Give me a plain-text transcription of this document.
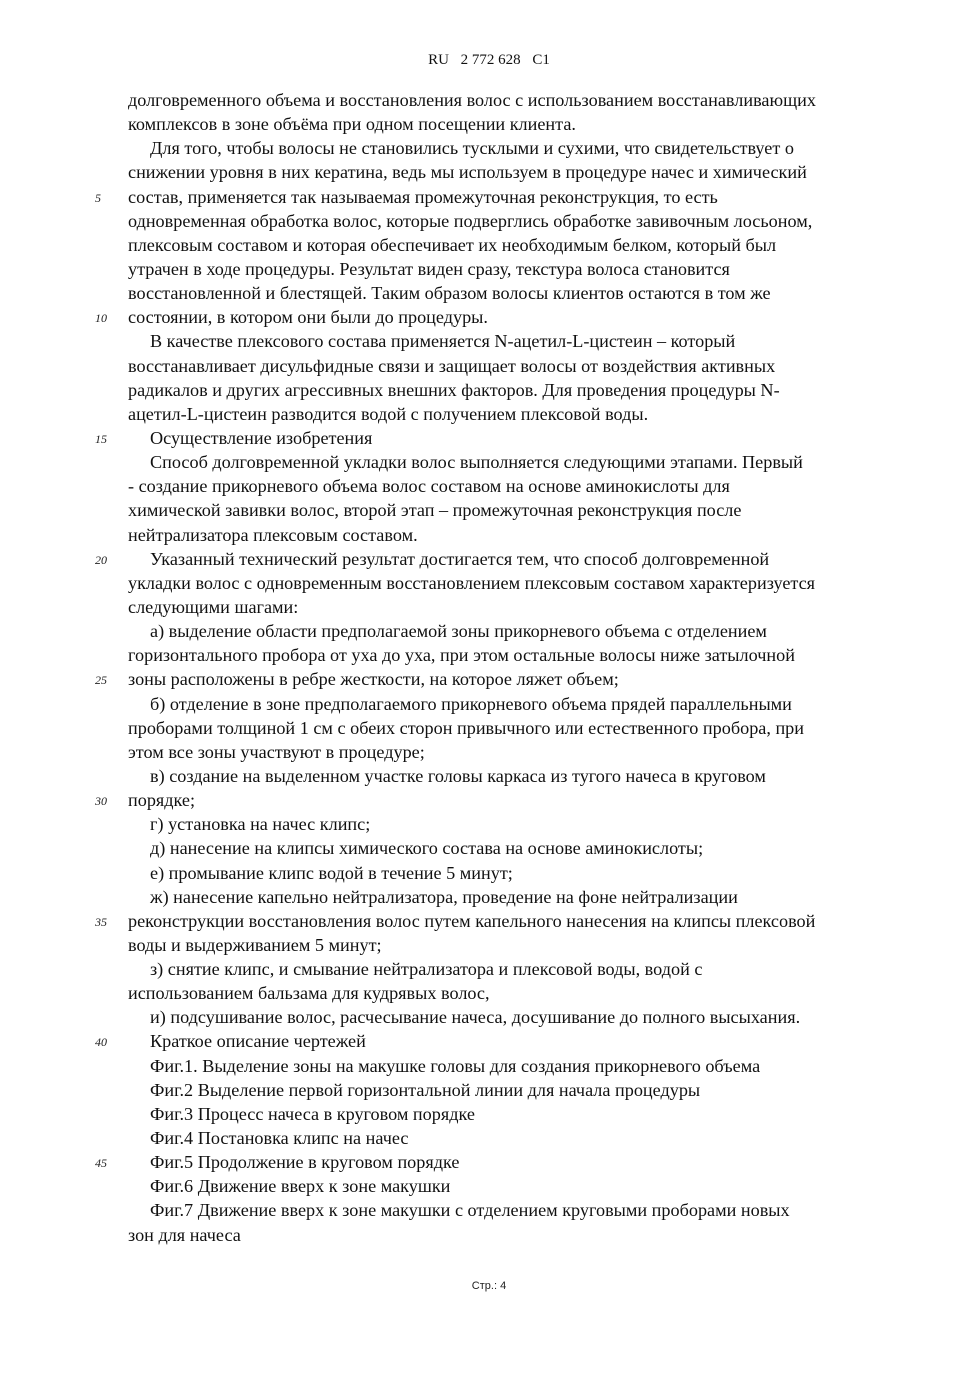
RU 2 772 628 C1
долговременного объема и восстановления волос с использованием восстанавливающих
комплексов в зоне объёма при одном посещении клиента.
Для того, чтобы волосы не становились тусклыми и сухими, что свидетельствует о
снижении уровня в них кератина, ведь мы используем в процедуре начес и химический
5 состав, применяется так называемая промежуточная реконструкция, то есть
одновременная обработка волос, которые подверглись обработке завивочным лосьоном,
плексовым составом и которая обеспечивает их необходимым белком, который был
утрачен в ходе процедуры. Результат виден сразу, текстура волоса становится
восстановленной и блестящей. Таким образом волосы клиентов остаются в том же
10 состоянии, в котором они были до процедуры.
В качестве плексового состава применяется N-ацетил-L-цистеин – который
восстанавливает дисульфидные связи и защищает волосы от воздействия активных
радикалов и других агрессивных внешних факторов. Для проведения процедуры N-
ацетил-L-цистеин разводится водой с получением плексовой воды.
15 Осуществление изобретения
Способ долговременной укладки волос выполняется следующими этапами. Первый
- создание прикорневого объема волос составом на основе аминокислоты для
химической завивки волос, второй этап – промежуточная реконструкция после
нейтрализатора плексовым составом.
20 Указанный технический результат достигается тем, что способ долговременной
укладки волос с одновременным восстановлением плексовым составом характеризуется
следующими шагами:
а) выделение области предполагаемой зоны прикорневого объема с отделением
горизонтального пробора от уха до уха, при этом остальные волосы ниже затылочной
25 зоны расположены в ребре жесткости, на которое ляжет объем;
б) отделение в зоне предполагаемого прикорневого объема прядей параллельными
проборами толщиной 1 см с обеих сторон привычного или естественного пробора, при
этом все зоны участвуют в процедуре;
в) создание на выделенном участке головы каркаса из тугого начеса в круговом
30 порядке;
г) установка на начес клипс;
д) нанесение на клипсы химического состава на основе аминокислоты;
е) промывание клипс водой в течение 5 минут;
ж) нанесение капельно нейтрализатора, проведение на фоне нейтрализации
35 реконструкции восстановления волос путем капельного нанесения на клипсы плексовой
воды и выдерживанием 5 минут;
з) снятие клипс, и смывание нейтрализатора и плексовой воды, водой с
использованием бальзама для кудрявых волос,
и) подсушивание волос, расчесывание начеса, досушивание до полного высыхания.
40 Краткое описание чертежей
Фиг.1. Выделение зоны на макушке головы для создания прикорневого объема
Фиг.2 Выделение первой горизонтальной линии для начала процедуры
Фиг.3 Процесс начеса в круговом порядке
Фиг.4 Постановка клипс на начес
45 Фиг.5 Продолжение в круговом порядке
Фиг.6 Движение вверх к зоне макушки
Фиг.7 Движение вверх к зоне макушки с отделением круговыми проборами новых
зон для начеса
Стр.: 4
